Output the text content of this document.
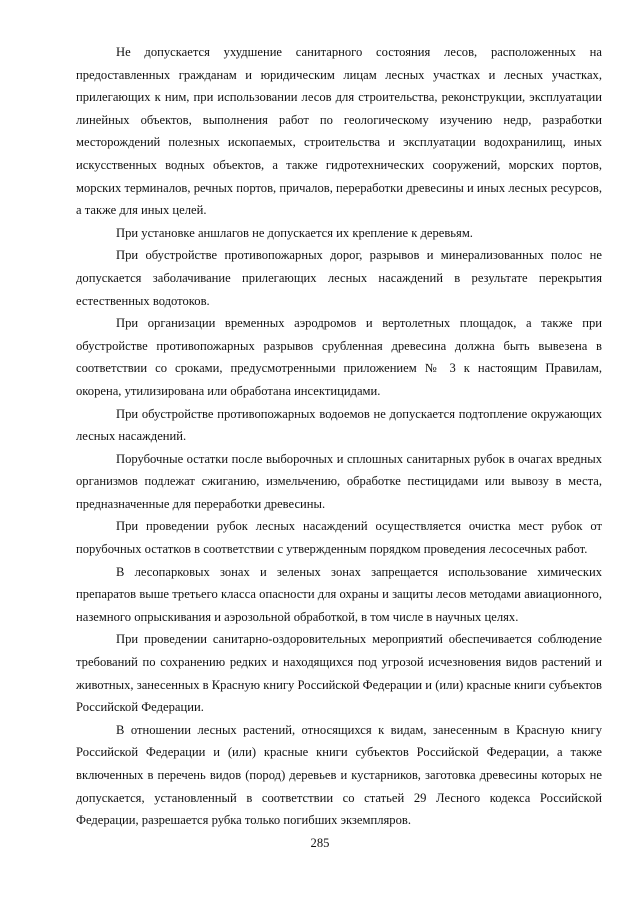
Не допускается ухудшение санитарного состояния лесов, расположенных на предоставленных гражданам и юридическим лицам лесных участках и лесных участках, прилегающих к ним, при использовании лесов для строительства, реконструкции, эксплуатации линейных объектов, выполнения работ по геологическому изучению недр, разработки месторождений полезных ископаемых, строительства и эксплуатации водохранилищ, иных искусственных водных объектов, а также гидротехнических сооружений, морских портов, морских терминалов, речных портов, причалов, переработки древесины и иных лесных ресурсов, а также для иных целей.

При установке аншлагов не допускается их крепление к деревьям.

При обустройстве противопожарных дорог, разрывов и минерализованных полос не допускается заболачивание прилегающих лесных насаждений в результате перекрытия естественных водотоков.

При организации временных аэродромов и вертолетных площадок, а также при обустройстве противопожарных разрывов срубленная древесина должна быть вывезена в соответствии со сроками, предусмотренными приложением № 3 к настоящим Правилам, окорена, утилизирована или обработана инсектицидами.

При обустройстве противопожарных водоемов не допускается подтопление окружающих лесных насаждений.

Порубочные остатки после выборочных и сплошных санитарных рубок в очагах вредных организмов подлежат сжиганию, измельчению, обработке пестицидами или вывозу в места, предназначенные для переработки древесины.

При проведении рубок лесных насаждений осуществляется очистка мест рубок от порубочных остатков в соответствии с утвержденным порядком проведения лесосечных работ.

В лесопарковых зонах и зеленых зонах запрещается использование химических препаратов выше третьего класса опасности для охраны и защиты лесов методами авиационного, наземного опрыскивания и аэрозольной обработкой, в том числе в научных целях.

При проведении санитарно-оздоровительных мероприятий обеспечивается соблюдение требований по сохранению редких и находящихся под угрозой исчезновения видов растений и животных, занесенных в Красную книгу Российской Федерации и (или) красные книги субъектов Российской Федерации.

В отношении лесных растений, относящихся к видам, занесенным в Красную книгу Российской Федерации и (или) красные книги субъектов Российской Федерации, а также включенных в перечень видов (пород) деревьев и кустарников, заготовка древесины которых не допускается, установленный в соответствии со статьей 29 Лесного кодекса Российской Федерации, разрешается рубка только погибших экземпляров.

285
